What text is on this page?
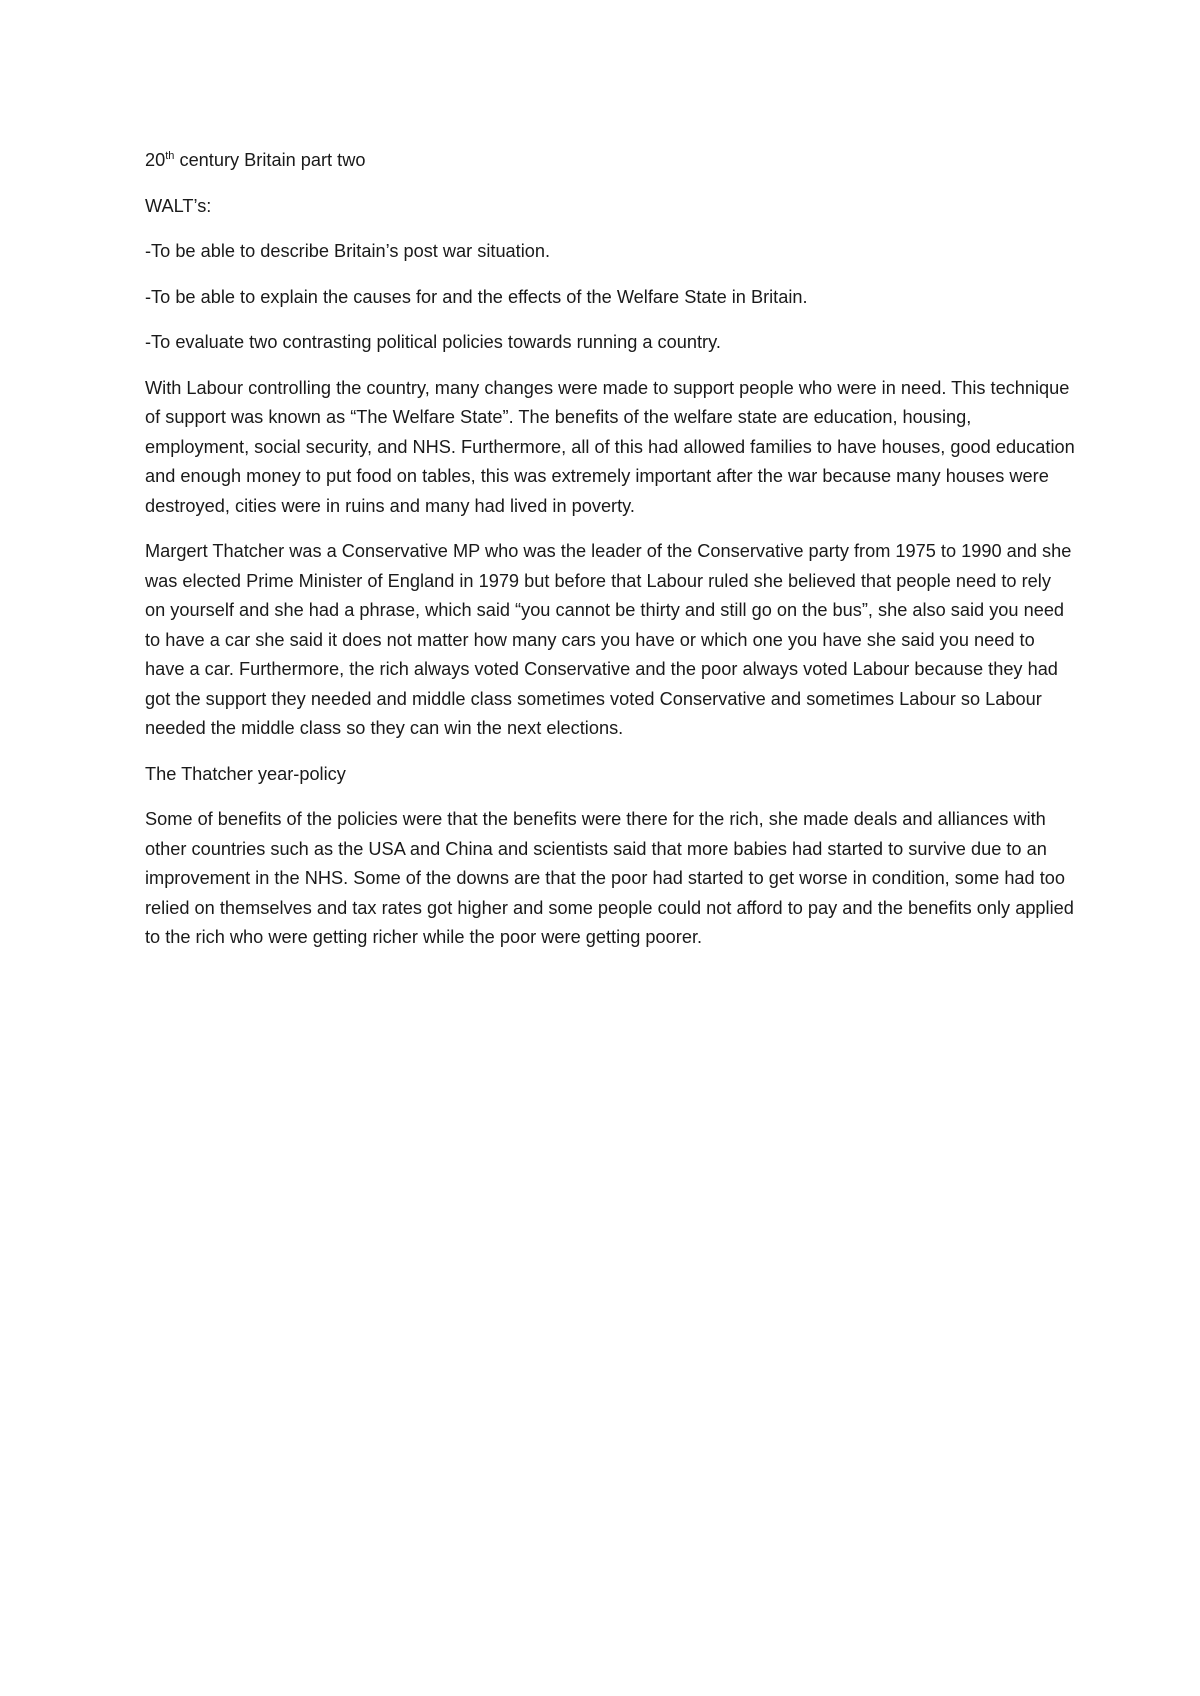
20th century Britain part two

WALT’s:

-To be able to describe Britain’s post war situation.

-To be able to explain the causes for and the effects of the Welfare State in Britain.

-To evaluate two contrasting political policies towards running a country.

With Labour controlling the country, many changes were made to support people who were in need. This technique of support was known as “The Welfare State”. The benefits of the welfare state are education, housing, employment, social security, and NHS. Furthermore, all of this had allowed families to have houses, good education and enough money to put food on tables, this was extremely important after the war because many houses were destroyed, cities were in ruins and many had lived in poverty.

Margert Thatcher was a Conservative MP who was the leader of the Conservative party from 1975 to 1990 and she was elected Prime Minister of England in 1979 but before that Labour ruled she believed that people need to rely on yourself and she had a phrase, which said “you cannot be thirty and still go on the bus”, she also said you need to have a car she said it does not matter how many cars you have or which one you have she said you need to have a car. Furthermore, the rich always voted Conservative and the poor always voted Labour because they had got the support they needed and middle class sometimes voted Conservative and sometimes Labour so Labour needed the middle class so they can win the next elections.

The Thatcher year-policy

Some of benefits of the policies were that the benefits were there for the rich, she made deals and alliances with other countries such as the USA and China and scientists said that more babies had started to survive due to an improvement in the NHS. Some of the downs are that the poor had started to get worse in condition, some had too relied on themselves and tax rates got higher and some people could not afford to pay and the benefits only applied to the rich who were getting richer while the poor were getting poorer.
